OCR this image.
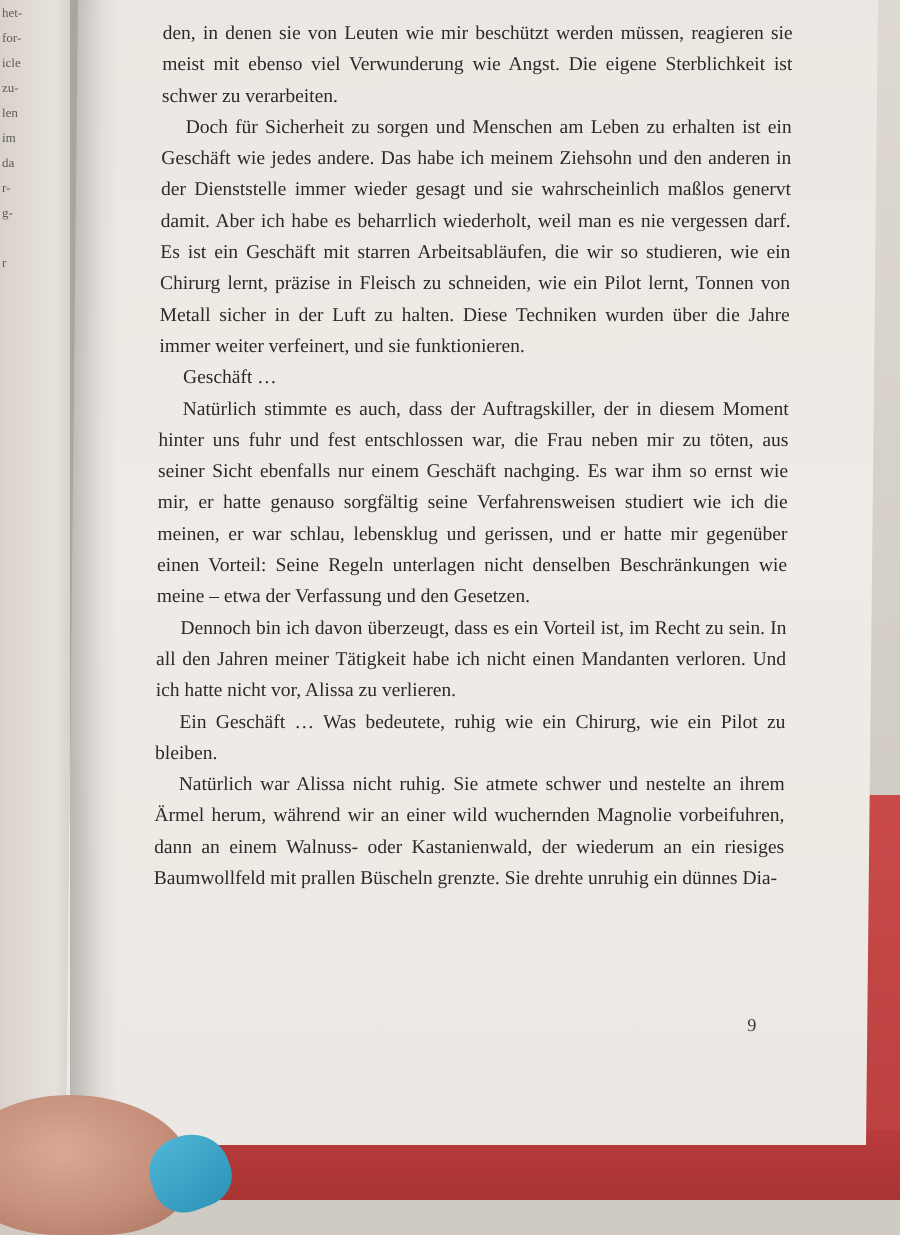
het-
for-
icle
zu-
len
im
da
r-
g-

r

den, in denen sie von Leuten wie mir beschützt werden müssen, reagieren sie meist mit ebenso viel Verwunderung wie Angst. Die eigene Sterblichkeit ist schwer zu verarbeiten.

Doch für Sicherheit zu sorgen und Menschen am Leben zu erhalten ist ein Geschäft wie jedes andere. Das habe ich meinem Ziehsohn und den anderen in der Dienststelle immer wieder gesagt und sie wahrscheinlich maßlos genervt damit. Aber ich habe es beharrlich wiederholt, weil man es nie vergessen darf. Es ist ein Geschäft mit starren Arbeitsabläufen, die wir so studieren, wie ein Chirurg lernt, präzise in Fleisch zu schneiden, wie ein Pilot lernt, Tonnen von Metall sicher in der Luft zu halten. Diese Techniken wurden über die Jahre immer weiter verfeinert, und sie funktionieren.

Geschäft …

Natürlich stimmte es auch, dass der Auftragskiller, der in diesem Moment hinter uns fuhr und fest entschlossen war, die Frau neben mir zu töten, aus seiner Sicht ebenfalls nur einem Geschäft nachging. Es war ihm so ernst wie mir, er hatte genauso sorgfältig seine Verfahrensweisen studiert wie ich die meinen, er war schlau, lebensklug und gerissen, und er hatte mir gegenüber einen Vorteil: Seine Regeln unterlagen nicht denselben Beschränkungen wie meine – etwa der Verfassung und den Gesetzen.

Dennoch bin ich davon überzeugt, dass es ein Vorteil ist, im Recht zu sein. In all den Jahren meiner Tätigkeit habe ich nicht einen Mandanten verloren. Und ich hatte nicht vor, Alissa zu verlieren.

Ein Geschäft … Was bedeutete, ruhig wie ein Chirurg, wie ein Pilot zu bleiben.

Natürlich war Alissa nicht ruhig. Sie atmete schwer und nestelte an ihrem Ärmel herum, während wir an einer wild wuchernden Magnolie vorbeifuhren, dann an einem Walnuss- oder Kastanienwald, der wiederum an ein riesiges Baumwollfeld mit prallen Büscheln grenzte. Sie drehte unruhig ein dünnes Dia-

9
